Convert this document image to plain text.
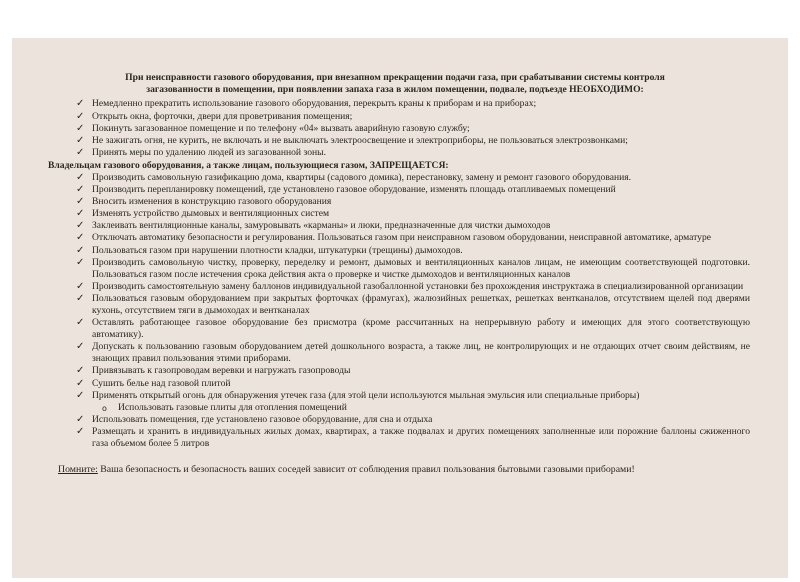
При неисправности газового оборудования, при внезапном прекращении подачи газа, при срабатывании системы контроля
загазованности в помещении, при появлении запаха газа в жилом помещении, подвале, подъезде НЕОБХОДИМО:
✓ Немедленно прекратить использование газового оборудования, перекрыть краны к приборам и на приборах;
✓ Открыть окна, форточки, двери для проветривания помещения;
✓ Покинуть загазованное помещение и по телефону «04» вызвать аварийную газовую службу;
✓ Не зажигать огня, не курить, не включать и не выключать электроосвещение и электроприборы, не пользоваться электрозвонками;
✓ Принять меры по удалению людей из загазованной зоны.
Владельцам газового оборудования, а также лицам, пользующиеся газом, ЗАПРЕЩАЕТСЯ:
✓ Производить самовольную газификацию дома, квартиры (садового домика), перестановку, замену и ремонт газового оборудования.
✓ Производить перепланировку помещений, где установлено газовое оборудование, изменять площадь отапливаемых помещений
✓ Вносить изменения в конструкцию газового оборудования
✓ Изменять устройство дымовых и вентиляционных систем
✓ Заклеивать вентиляционные каналы, замуровывать «карманы» и люки, предназначенные для чистки дымоходов
✓ Отключать автоматику безопасности и регулирования. Пользоваться газом при неисправном газовом оборудовании, неисправной автоматике, арматуре
✓ Пользоваться газом при нарушении плотности кладки, штукатурки (трещины) дымоходов.
✓ Производить самовольную чистку, проверку, переделку и ремонт, дымовых и вентиляционных каналов лицам, не имеющим соответствующей подготовки. Пользоваться газом после истечения срока действия акта о проверке и чистке дымоходов и вентиляционных каналов
✓ Производить самостоятельную замену баллонов индивидуальной газобаллонной установки без прохождения инструктажа в специализированной организации
✓ Пользоваться газовым оборудованием при закрытых форточках (фрамугах), жалюзийных решетках, решетках вентканалов, отсутствием щелей под дверями кухонь, отсутствием тяги в дымоходах и вентканалах
✓ Оставлять работающее газовое оборудование без присмотра (кроме рассчитанных на непрерывную работу и имеющих для этого соответствующую автоматику).
✓ Допускать к пользованию газовым оборудованием детей дошкольного возраста, а также лиц, не контролирующих и не отдающих отчет своим действиям, не знающих правил пользования этими приборами.
✓ Привязывать к газопроводам веревки и нагружать газопроводы
✓ Сушить белье над газовой плитой
✓ Применять открытый огонь для обнаружения утечек газа (для этой цели используются мыльная эмульсия или специальные приборы)
o Использовать газовые плиты для отопления помещений
✓ Использовать помещения, где установлено газовое оборудование, для сна и отдыха
✓ Размещать и хранить в индивидуальных жилых домах, квартирах, а также подвалах и других помещениях заполненные или порожние баллоны сжиженного газа объемом более 5 литров
Помните: Ваша безопасность и безопасность ваших соседей зависит от соблюдения правил пользования бытовыми газовыми приборами!
